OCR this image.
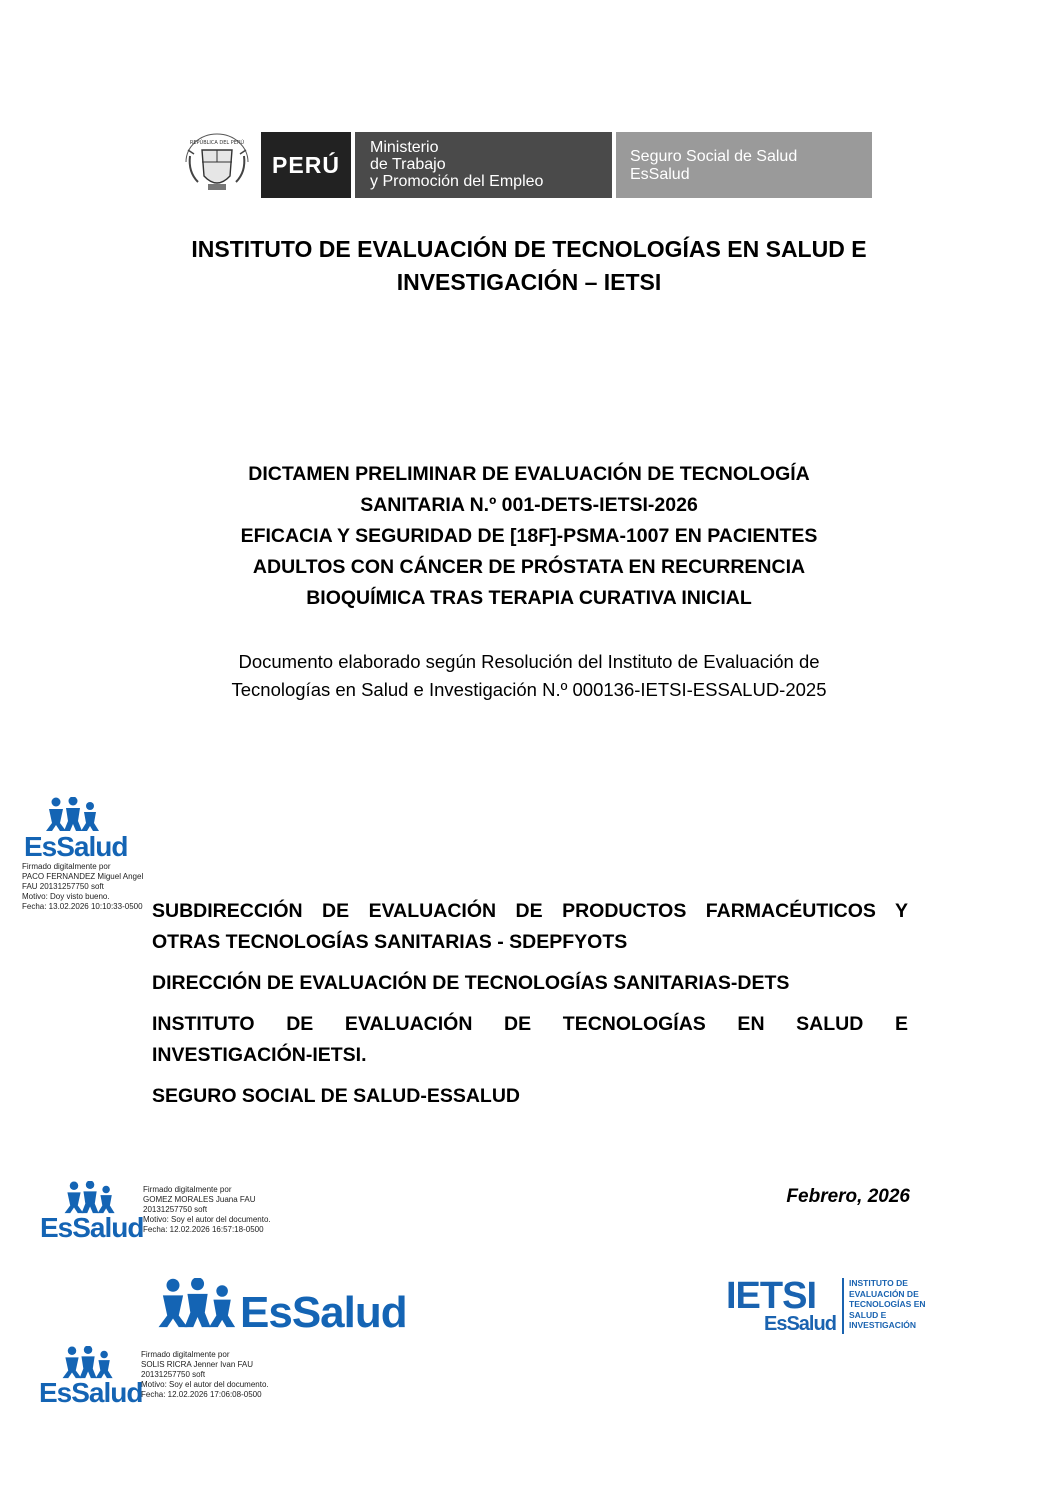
REPÚBLICA DEL PERÚ
PERÚ
Ministerio
de Trabajo
y Promoción del Empleo
Seguro Social de Salud
EsSalud
INSTITUTO DE EVALUACIÓN DE TECNOLOGÍAS EN SALUD E
INVESTIGACIÓN – IETSI
DICTAMEN PRELIMINAR DE EVALUACIÓN DE TECNOLOGÍA
SANITARIA N.º 001-DETS-IETSI-2026
EFICACIA Y SEGURIDAD DE [18F]-PSMA-1007 EN PACIENTES
ADULTOS CON CÁNCER DE PRÓSTATA EN RECURRENCIA
BIOQUÍMICA TRAS TERAPIA CURATIVA INICIAL
Documento elaborado según Resolución del Instituto de Evaluación de
Tecnologías en Salud e Investigación N.º 000136-IETSI-ESSALUD-2025
EsSalud
Firmado digitalmente por
PACO FERNANDEZ Miguel Angel
FAU 20131257750 soft
Motivo: Doy visto bueno.
Fecha: 13.02.2026 10:10:33-0500 SUBDIRECCIÓN DE EVALUACIÓN DE PRODUCTOS FARMACÉUTICOS Y

OTRAS TECNOLOGÍAS SANITARIAS - SDEPFYOTS

DIRECCIÓN DE EVALUACIÓN DE TECNOLOGÍAS SANITARIAS-DETS

INSTITUTO DE EVALUACIÓN DE TECNOLOGÍAS EN SALUD E

INVESTIGACIÓN-IETSI.

SEGURO SOCIAL DE SALUD-ESSALUD

EsSalud
Firmado digitalmente por
GOMEZ MORALES Juana FAU
20131257750 soft
Motivo: Soy el autor del documento.
Fecha: 12.02.2026 16:57:18-0500
Febrero, 2026
EsSalud	IETSI
EsSalud
INSTITUTO DE
EVALUACIÓN DE
TECNOLOGÍAS EN
SALUD E
INVESTIGACIÓN
EsSalud
Firmado digitalmente por
SOLIS RICRA Jenner Ivan FAU
20131257750 soft
Motivo: Soy el autor del documento.
Fecha: 12.02.2026 17:06:08-0500
